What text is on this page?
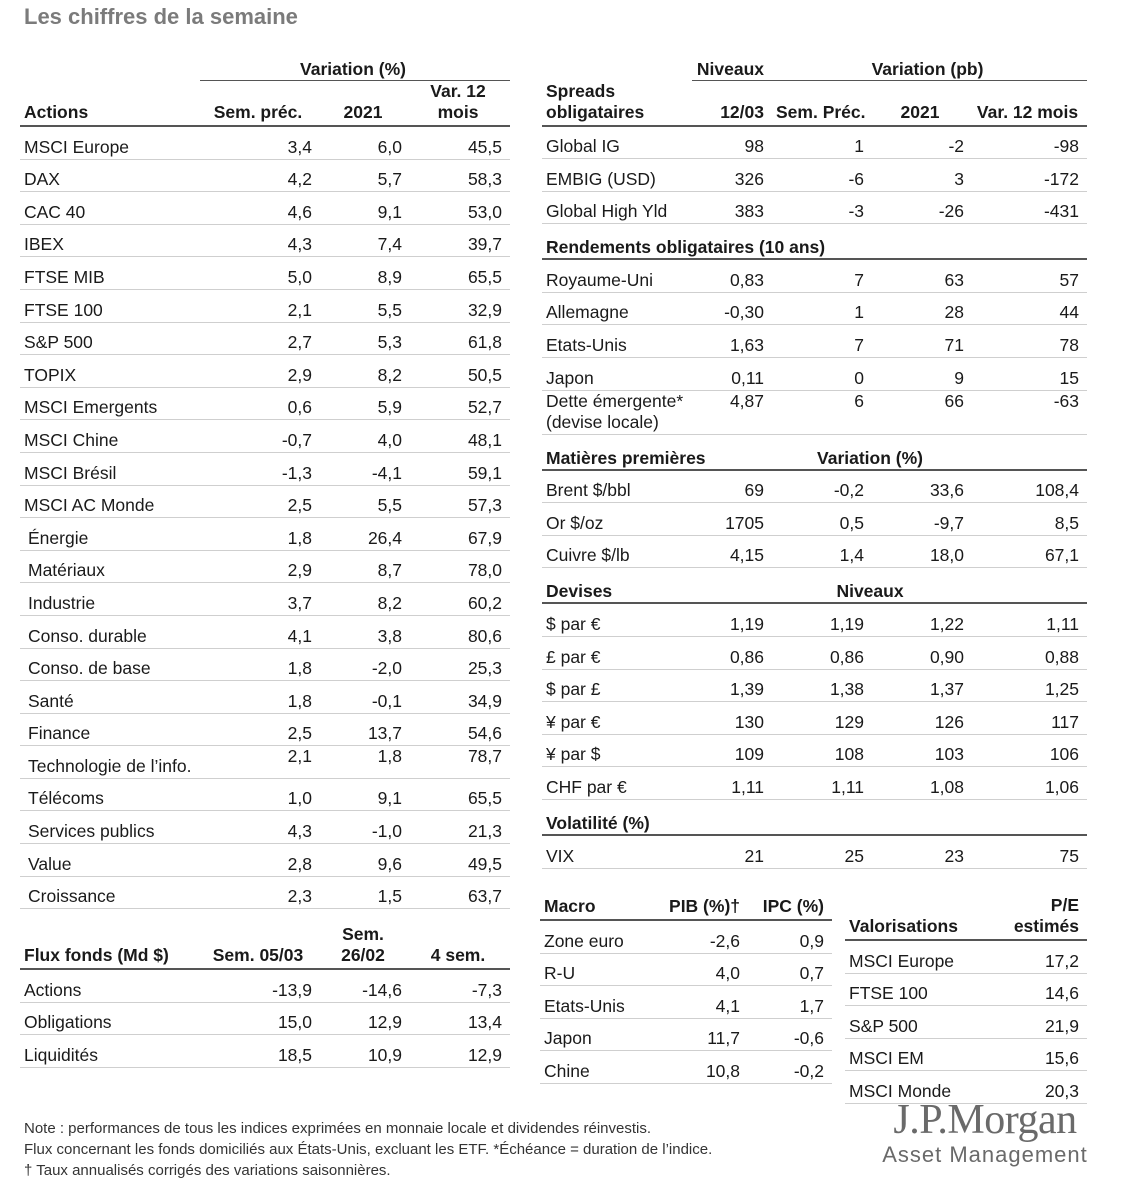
Les chiffres de la semaine
	Variation (%)		
Actions	Sem. préc.	2021	Var. 12 mois
MSCI Europe	3,4	6,0	45,5
DAX	4,2	5,7	58,3
CAC 40	4,6	9,1	53,0
IBEX	4,3	7,4	39,7
FTSE MIB	5,0	8,9	65,5
FTSE 100	2,1	5,5	32,9
S&P 500	2,7	5,3	61,8
TOPIX	2,9	8,2	50,5
MSCI Emergents	0,6	5,9	52,7
MSCI Chine	-0,7	4,0	48,1
MSCI Brésil	-1,3	-4,1	59,1
MSCI AC Monde	2,5	5,5	57,3
Énergie	1,8	26,4	67,9
Matériaux	2,9	8,7	78,0
Industrie	3,7	8,2	60,2
Conso. durable	4,1	3,8	80,6
Conso. de base	1,8	-2,0	25,3
Santé	1,8	-0,1	34,9
Finance	2,5	13,7	54,6
Technologie de l’info.	2,1	1,8	78,7
Télécoms	1,0	9,1	65,5
Services publics	4,3	-1,0	21,3
Value	2,8	9,6	49,5
Croissance	2,3	1,5	63,7
Flux fonds (Md $)	Sem. 05/03	Sem. 26/02	4 sem.
Actions	-13,9	-14,6	-7,3
Obligations	15,0	12,9	13,4
Liquidités	18,5	10,9	12,9
	Niveaux	Variation (pb)		
Spreads obligataires	12/03	Sem. Préc.	2021	Var. 12 mois
Global IG	98	1	-2	-98
EMBIG (USD)	326	-6	3	-172
Global High Yld	383	-3	-26	-431
Rendements obligataires (10 ans)				
Royaume-Uni	0,83	7	63	57
Allemagne	-0,30	1	28	44
Etats-Unis	1,63	7	71	78
Japon	0,11	0	9	15
Dette émergente* (devise locale)	4,87	6	66	-63
Matières premières		Variation (%)		
Brent $/bbl	69	-0,2	33,6	108,4
Or $/oz	1705	0,5	-9,7	8,5
Cuivre $/lb	4,15	1,4	18,0	67,1
Devises		Niveaux		
$ par €	1,19	1,19	1,22	1,11
£ par €	0,86	0,86	0,90	0,88
$ par £	1,39	1,38	1,37	1,25
¥ par €	130	129	126	117
¥ par $	109	108	103	106
CHF par €	1,11	1,11	1,08	1,06
Volatilité (%)				
VIX	21	25	23	75
Macro	PIB (%)†	IPC (%)
Zone euro	-2,6	0,9
R-U	4,0	0,7
Etats-Unis	4,1	1,7
Japon	11,7	-0,6
Chine	10,8	-0,2
Valorisations	P/E estimés
MSCI Europe	17,2
FTSE 100	14,6
S&P 500	21,9
MSCI EM	15,6
MSCI Monde	20,3
Note : performances de tous les indices exprimées en monnaie locale et dividendes réinvestis.
Flux concernant les fonds domiciliés aux États-Unis, excluant les ETF. *Échéance = duration de l’indice.
† Taux annualisés corrigés des variations saisonnières.
J.P.Morgan
Asset Management
